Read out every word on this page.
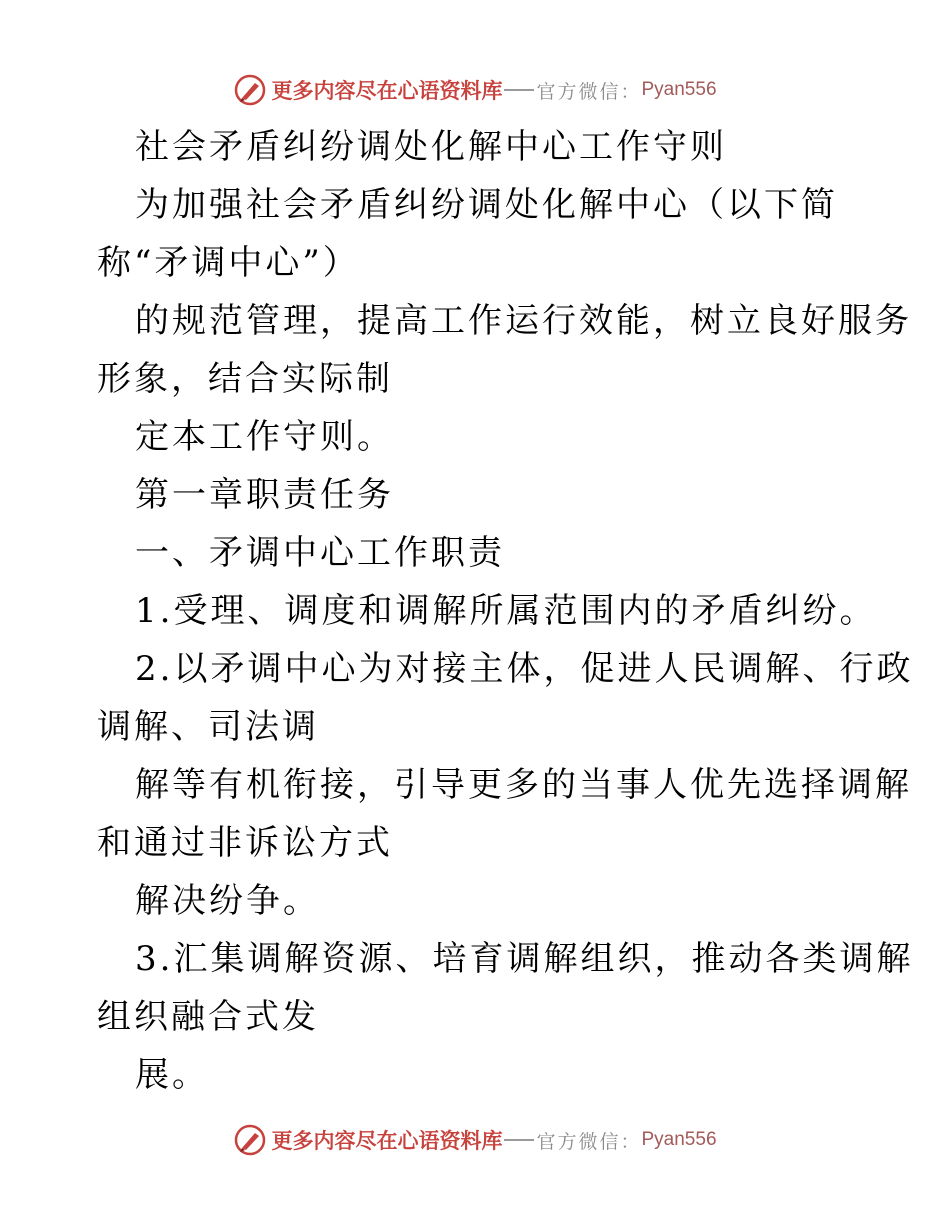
更多内容尽在心语资料库 官方微信： Pyan556
社会矛盾纠纷调处化解中心工作守则
为加强社会矛盾纠纷调处化解中心（以下简
称“矛调中心”）
的规范管理，提高工作运行效能，树立良好服务
形象，结合实际制
定本工作守则。
第一章职责任务
一、矛调中心工作职责
1.受理、调度和调解所属范围内的矛盾纠纷。
2.以矛调中心为对接主体，促进人民调解、行政
调解、司法调
解等有机衔接，引导更多的当事人优先选择调解
和通过非诉讼方式
解决纷争。
3.汇集调解资源、培育调解组织，推动各类调解
组织融合式发
展。
更多内容尽在心语资料库 官方微信： Pyan556
